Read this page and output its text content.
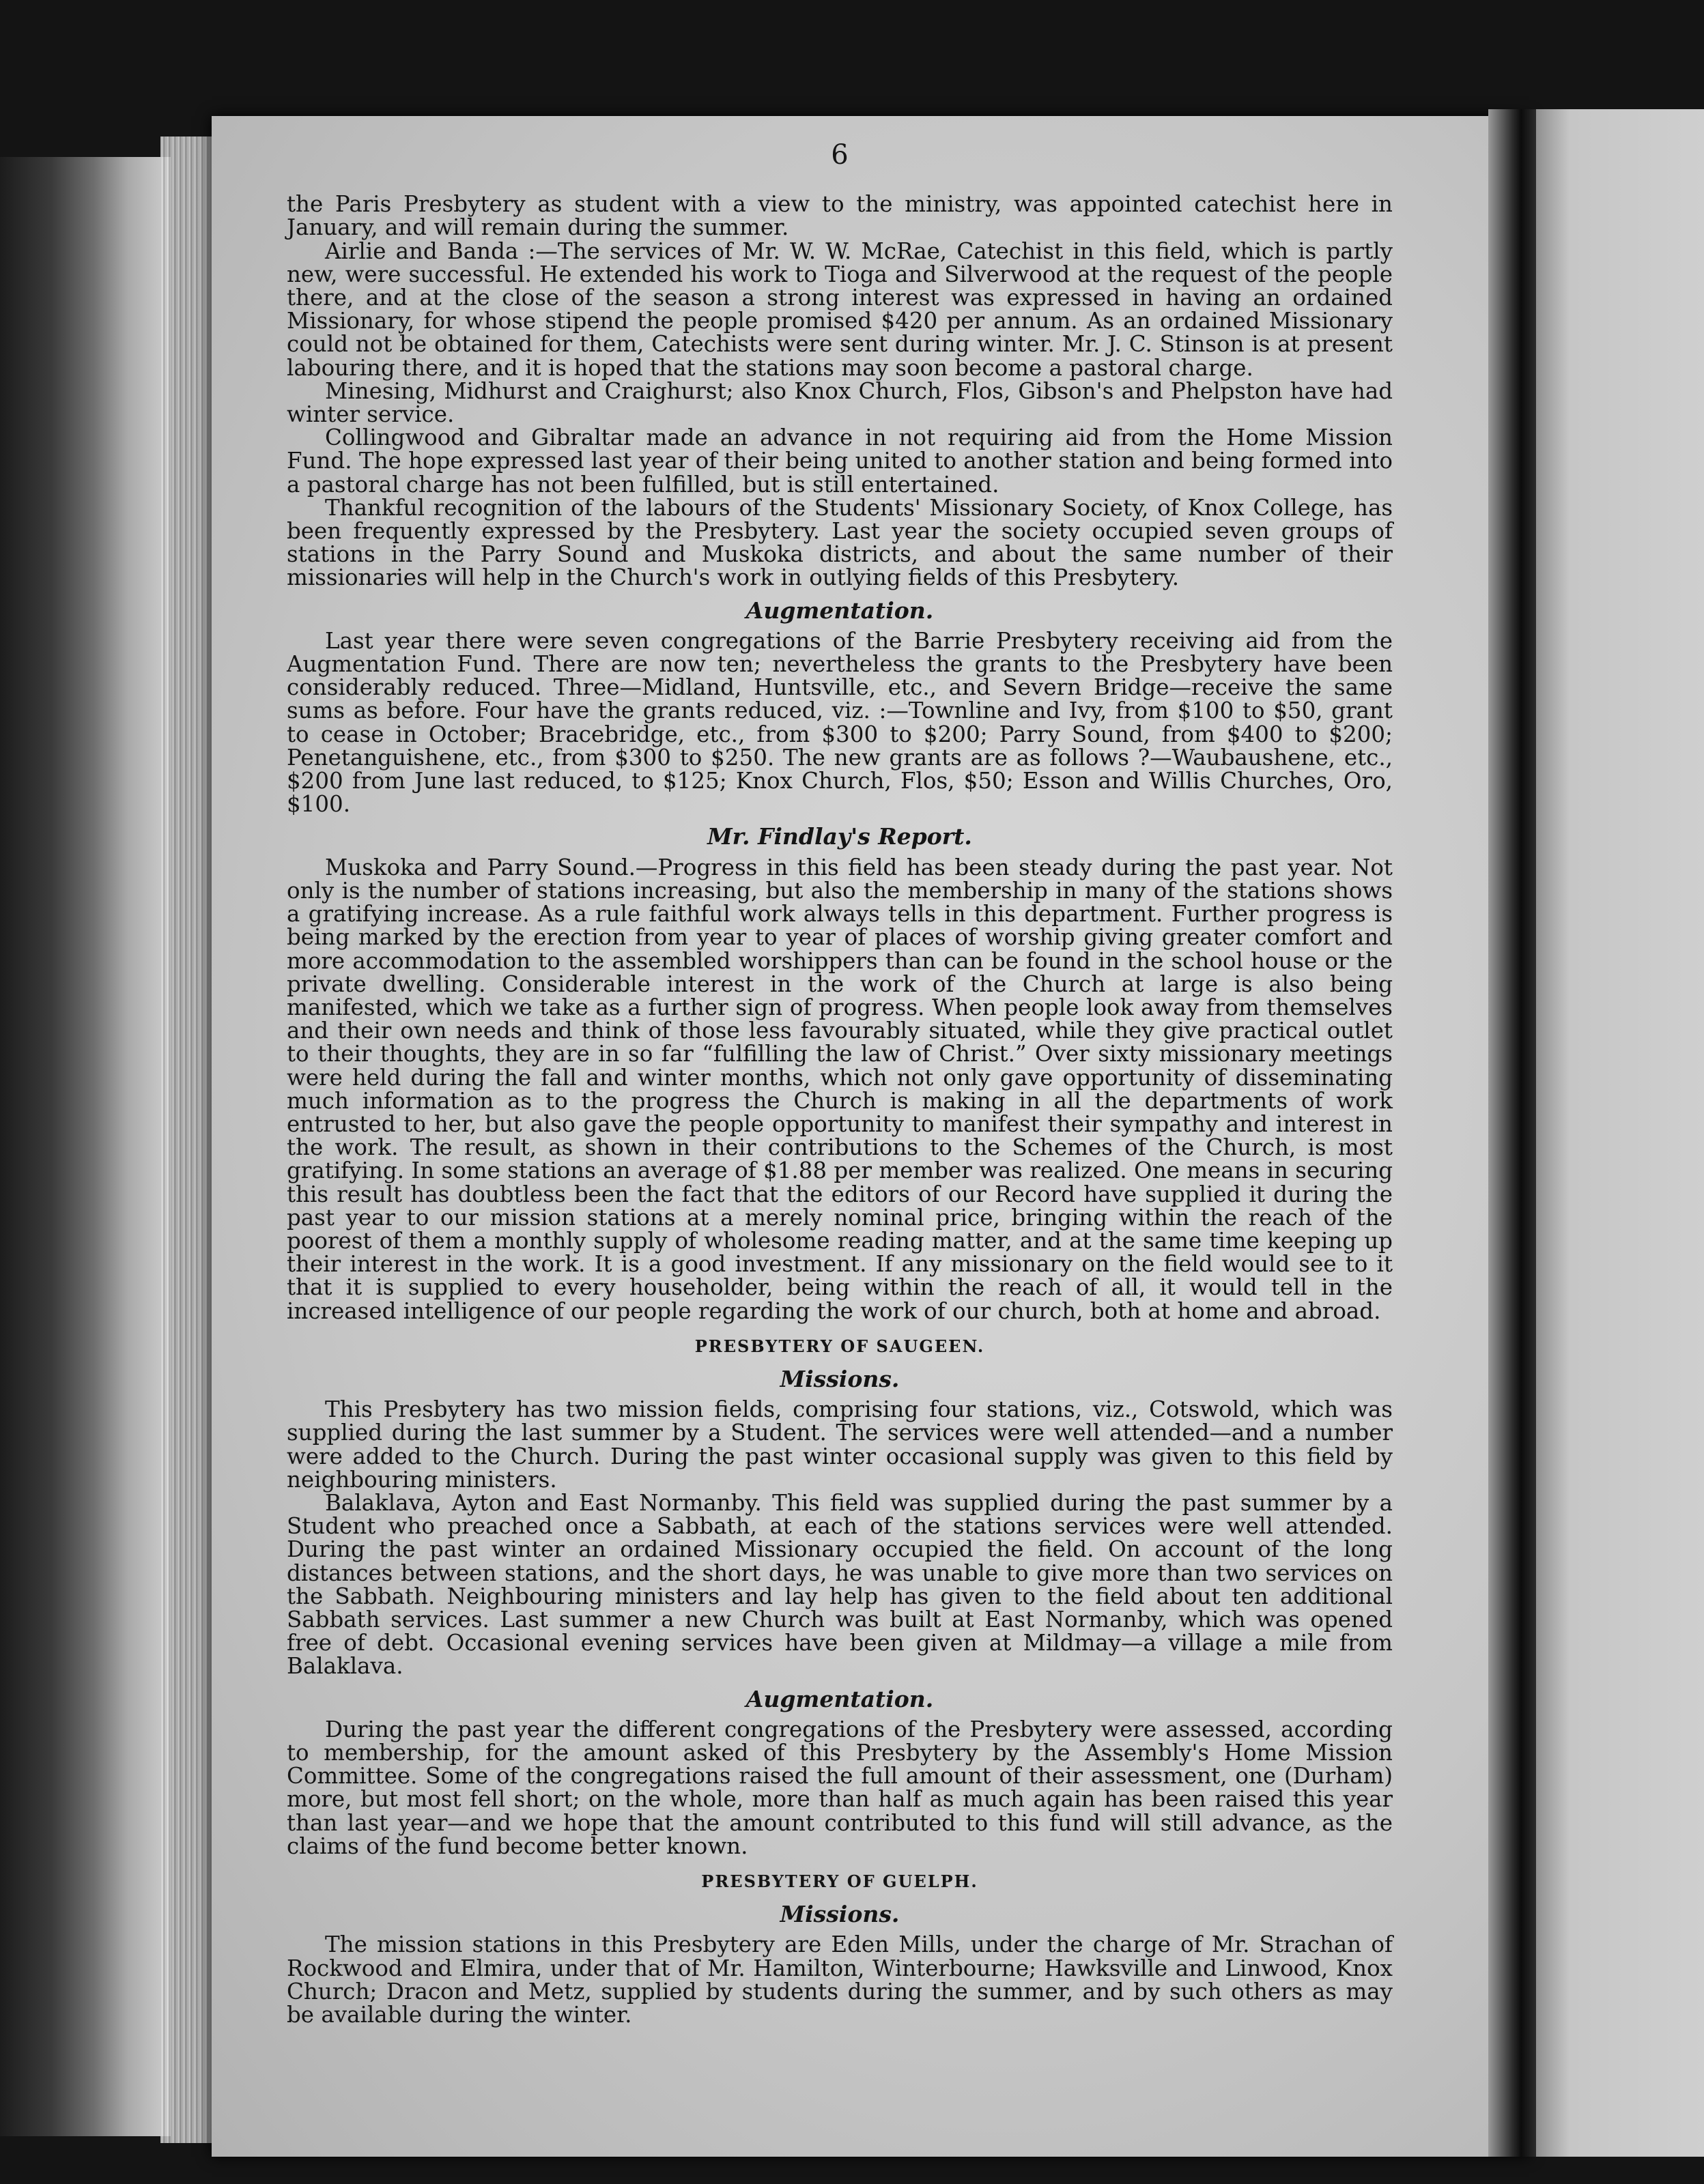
6

the Paris Presbytery as student with a view to the ministry, was appointed catechist here in January, and will remain during the summer.

Airlie and Banda :—The services of Mr. W. W. McRae, Catechist in this field, which is partly new, were successful. He extended his work to Tioga and Silverwood at the request of the people there, and at the close of the season a strong interest was expressed in having an ordained Missionary, for whose stipend the people promised $420 per annum. As an ordained Missionary could not be obtained for them, Catechists were sent during winter. Mr. J. C. Stinson is at present labouring there, and it is hoped that the stations may soon become a pastoral charge.

Minesing, Midhurst and Craighurst; also Knox Church, Flos, Gibson's and Phelpston have had winter service.

Collingwood and Gibraltar made an advance in not requiring aid from the Home Mission Fund. The hope expressed last year of their being united to another station and being formed into a pastoral charge has not been fulfilled, but is still entertained.

Thankful recognition of the labours of the Students' Missionary Society, of Knox College, has been frequently expressed by the Presbytery. Last year the society occupied seven groups of stations in the Parry Sound and Muskoka districts, and about the same number of their missionaries will help in the Church's work in outlying fields of this Presbytery.

Augmentation.

Last year there were seven congregations of the Barrie Presbytery receiving aid from the Augmentation Fund. There are now ten; nevertheless the grants to the Presbytery have been considerably reduced. Three—Midland, Huntsville, etc., and Severn Bridge—receive the same sums as before. Four have the grants reduced, viz. :—Townline and Ivy, from $100 to $50, grant to cease in October; Bracebridge, etc., from $300 to $200; Parry Sound, from $400 to $200; Penetanguishene, etc., from $300 to $250. The new grants are as follows ?—Waubaushene, etc., $200 from June last reduced, to $125; Knox Church, Flos, $50; Esson and Willis Churches, Oro, $100.

Mr. Findlay's Report.

Muskoka and Parry Sound.—Progress in this field has been steady during the past year. Not only is the number of stations increasing, but also the membership in many of the stations shows a gratifying increase. As a rule faithful work always tells in this department. Further progress is being marked by the erection from year to year of places of worship giving greater comfort and more accommodation to the assembled worshippers than can be found in the school house or the private dwelling. Considerable interest in the work of the Church at large is also being manifested, which we take as a further sign of progress. When people look away from themselves and their own needs and think of those less favourably situated, while they give practical outlet to their thoughts, they are in so far “fulfilling the law of Christ.” Over sixty missionary meetings were held during the fall and winter months, which not only gave opportunity of disseminating much information as to the progress the Church is making in all the departments of work entrusted to her, but also gave the people opportunity to manifest their sympathy and interest in the work. The result, as shown in their contributions to the Schemes of the Church, is most gratifying. In some stations an average of $1.88 per member was realized. One means in securing this result has doubtless been the fact that the editors of our Record have supplied it during the past year to our mission stations at a merely nominal price, bringing within the reach of the poorest of them a monthly supply of wholesome reading matter, and at the same time keeping up their interest in the work. It is a good investment. If any missionary on the field would see to it that it is supplied to every householder, being within the reach of all, it would tell in the increased intelligence of our people regarding the work of our church, both at home and abroad.

PRESBYTERY OF SAUGEEN.
Missions.

This Presbytery has two mission fields, comprising four stations, viz., Cotswold, which was supplied during the last summer by a Student. The services were well attended—and a number were added to the Church. During the past winter occasional supply was given to this field by neighbouring ministers.

Balaklava, Ayton and East Normanby. This field was supplied during the past summer by a Student who preached once a Sabbath, at each of the stations services were well attended. During the past winter an ordained Missionary occupied the field. On account of the long distances between stations, and the short days, he was unable to give more than two services on the Sabbath. Neighbouring ministers and lay help has given to the field about ten additional Sabbath services. Last summer a new Church was built at East Normanby, which was opened free of debt. Occasional evening services have been given at Mildmay—a village a mile from Balaklava.

Augmentation.

During the past year the different congregations of the Presbytery were assessed, according to membership, for the amount asked of this Presbytery by the Assembly's Home Mission Committee. Some of the congregations raised the full amount of their assessment, one (Durham) more, but most fell short; on the whole, more than half as much again has been raised this year than last year—and we hope that the amount contributed to this fund will still advance, as the claims of the fund become better known.

PRESBYTERY OF GUELPH.
Missions.

The mission stations in this Presbytery are Eden Mills, under the charge of Mr. Strachan of Rockwood and Elmira, under that of Mr. Hamilton, Winterbourne; Hawksville and Linwood, Knox Church; Dracon and Metz, supplied by students during the summer, and by such others as may be available during the winter.
